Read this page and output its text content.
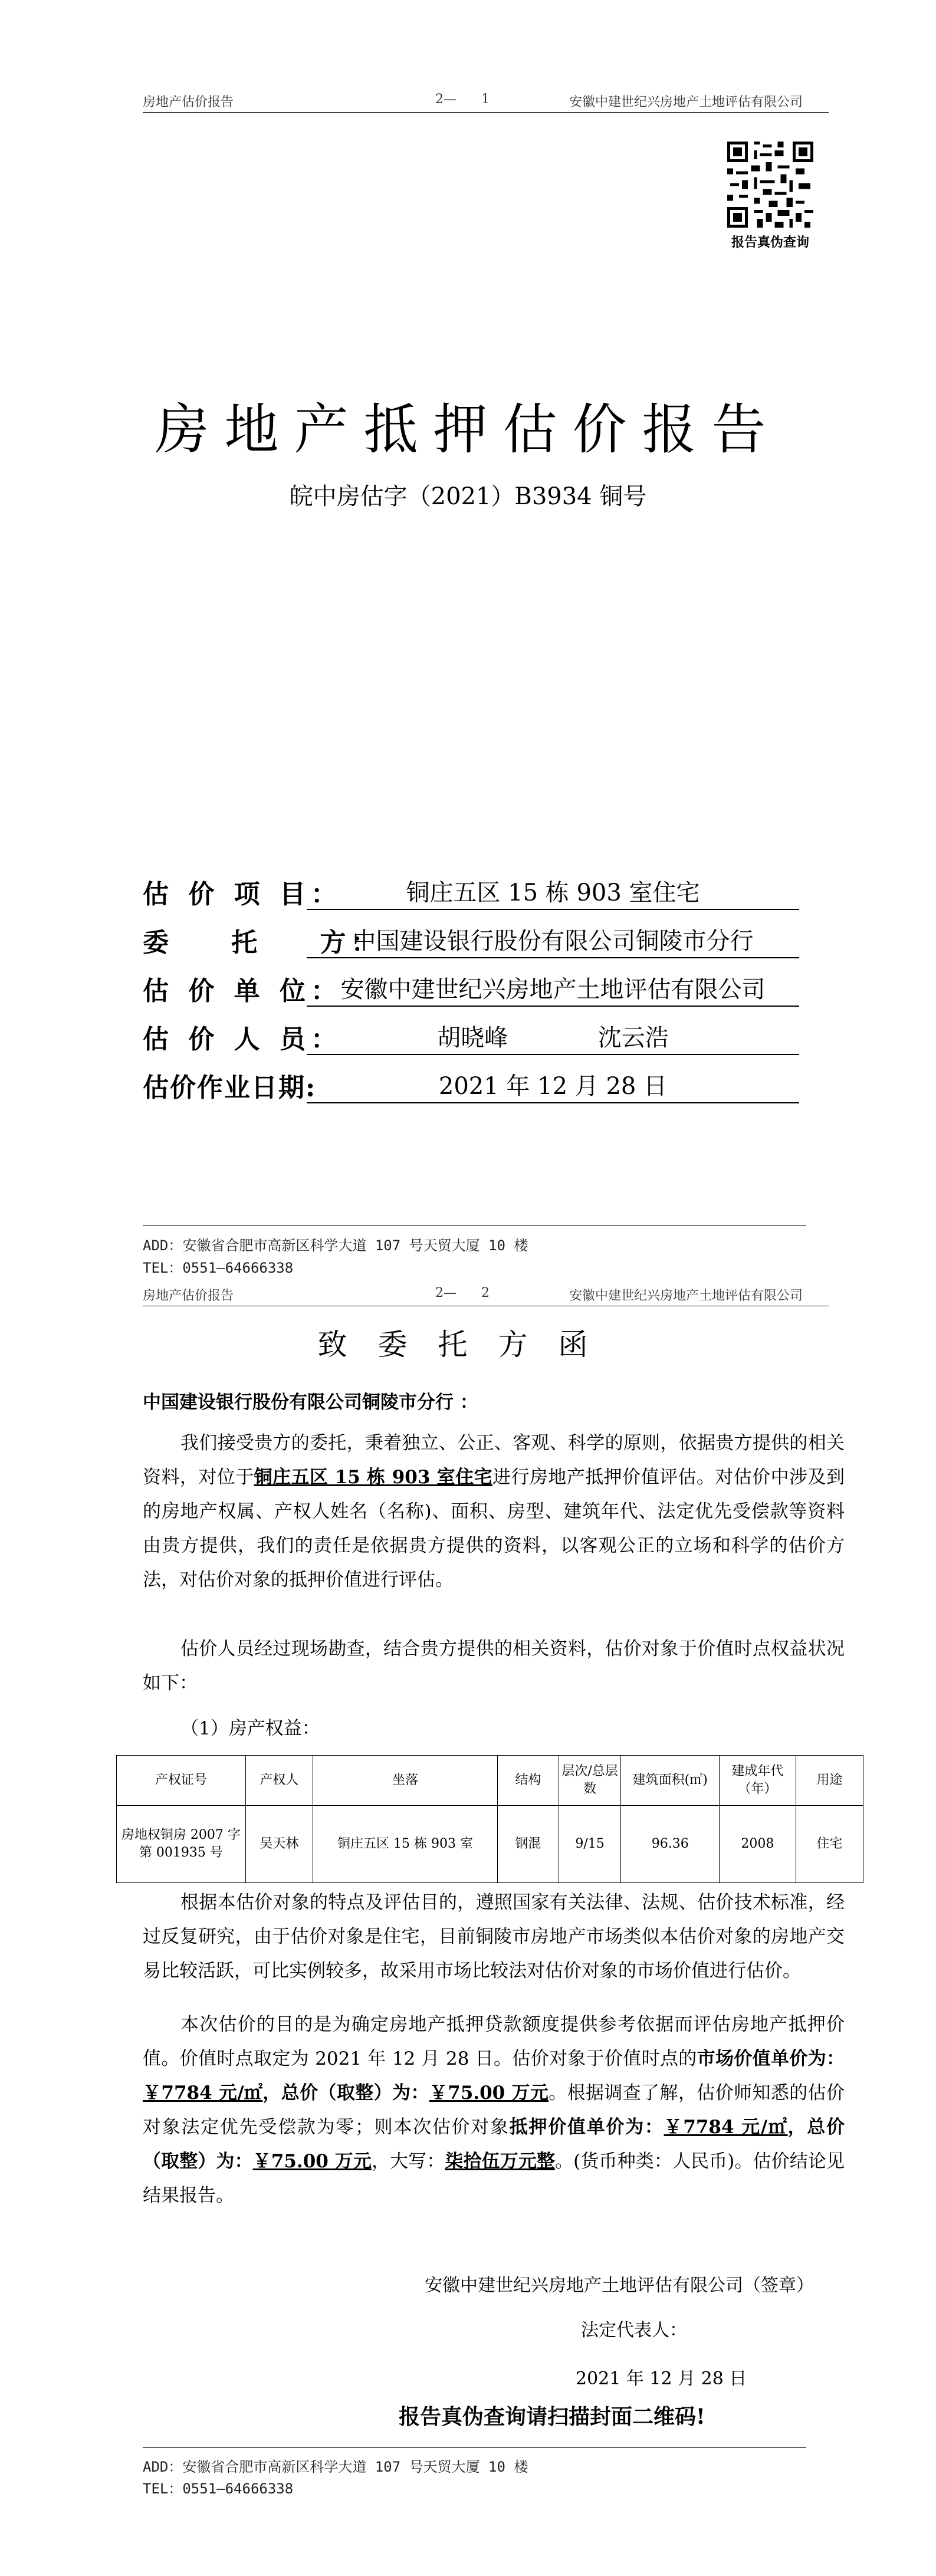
房地产估价报告	2—      1	安徽中建世纪兴房地产土地评估有限公司
报告真伪查询
房地产抵押估价报告
皖中房估字（2021）B3934 铜号
估 价 项 目：	铜庄五区 15 栋 903 室住宅
委    托    方：
中国建设银行股份有限公司铜陵市分行
估 价 单 位：
安徽中建世纪兴房地产土地评估有限公司
估 价 人 员：	胡晓峰            沈云浩
估价作业日期:	2021 年 12 月 28 日
ADD：安徽省合肥市高新区科学大道 107 号天贸大厦 10 楼
TEL：0551—64666338
房地产估价报告	2—      2	安徽中建世纪兴房地产土地评估有限公司
致委托方函
中国建设银行股份有限公司铜陵市分行 ：
我们接受贵方的委托，秉着独立、公正、客观、科学的原则，依据贵方提供的相关资料，对位于铜庄五区 15 栋 903 室住宅进行房地产抵押价值评估。对估价中涉及到的房地产权属、产权人姓名（名称)、面积、房型、建筑年代、法定优先受偿款等资料由贵方提供，我们的责任是依据贵方提供的资料，以客观公正的立场和科学的估价方法，对估价对象的抵押价值进行评估。
估价人员经过现场勘查，结合贵方提供的相关资料，估价对象于价值时点权益状况如下：
（1）房产权益：
产权证号	产权人	坐落	结构	层次/总层数	建筑面积(㎡)	建成年代（年）	用途
房地权铜房 2007 字第 001935 号	吴天林	铜庄五区 15 栋 903 室	钢混	9/15	96.36	2008	住宅
根据本估价对象的特点及评估目的，遵照国家有关法律、法规、估价技术标准，经过反复研究，由于估价对象是住宅，目前铜陵市房地产市场类似本估价对象的房地产交易比较活跃，可比实例较多，故采用市场比较法对估价对象的市场价值进行估价。
本次估价的目的是为确定房地产抵押贷款额度提供参考依据而评估房地产抵押价值。价值时点取定为 2021 年 12 月 28 日。估价对象于价值时点的市场价值单价为：￥7784 元/㎡，总价（取整）为：￥75.00 万元。根据调查了解，估价师知悉的估价对象法定优先受偿款为零；则本次估价对象抵押价值单价为：￥7784 元/㎡，总价（取整）为：￥75.00 万元，大写：柒拾伍万元整。(货币种类：人民币)。估价结论见结果报告。
安徽中建世纪兴房地产土地评估有限公司（签章）
法定代表人：
2021 年 12 月 28 日
报告真伪查询请扫描封面二维码!
ADD：安徽省合肥市高新区科学大道 107 号天贸大厦 10 楼
TEL：0551—64666338
